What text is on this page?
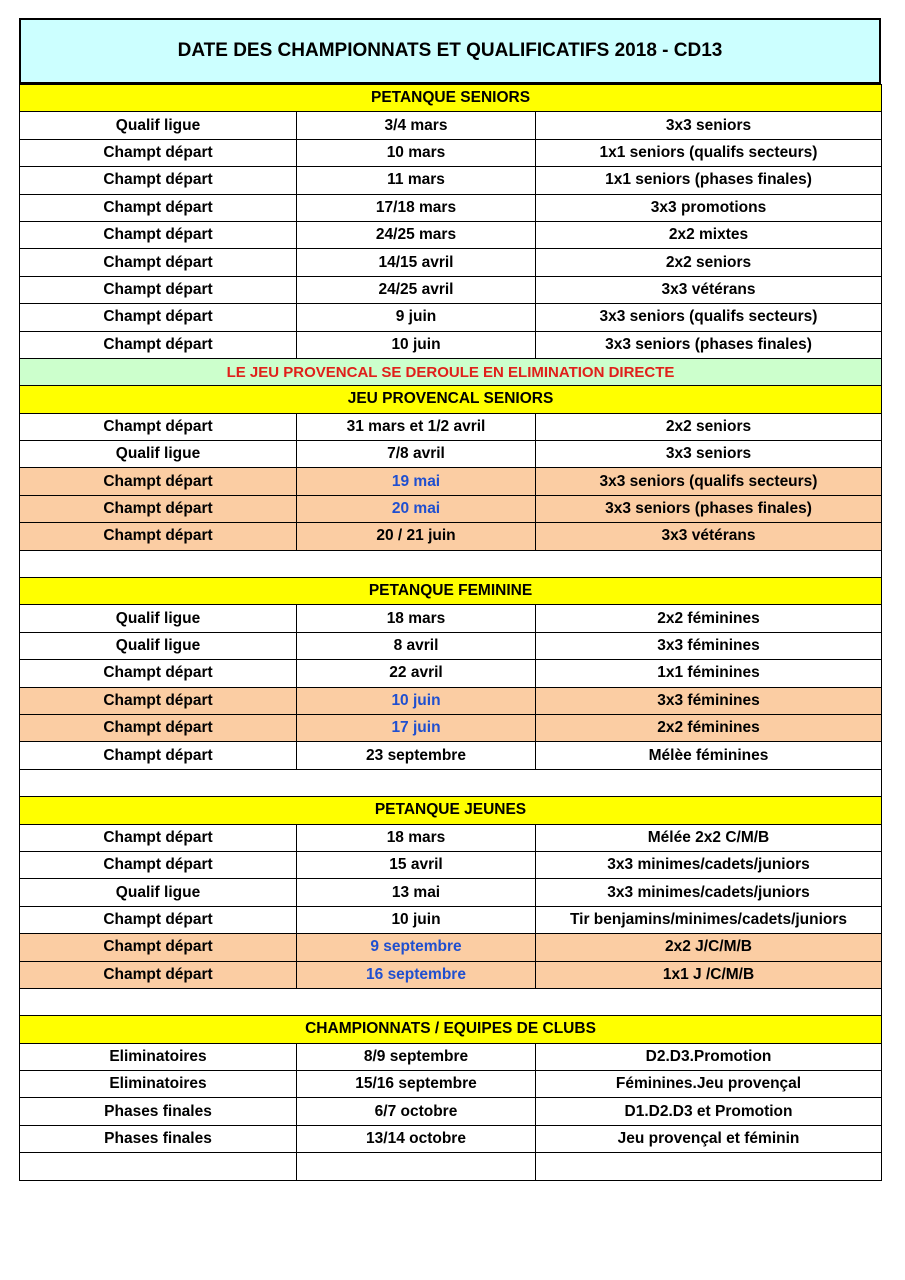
DATE DES CHAMPIONNATS ET QUALIFICATIFS 2018 - CD13
PETANQUE SENIORS		
Qualif ligue	3/4 mars	3x3 seniors
Champt départ	10 mars	1x1 seniors (qualifs secteurs)
Champt départ	11 mars	1x1 seniors (phases finales)
Champt départ	17/18 mars	3x3 promotions
Champt départ	24/25 mars	2x2 mixtes
Champt départ	14/15 avril	2x2 seniors
Champt départ	24/25 avril	3x3 vétérans
Champt départ	9 juin	3x3 seniors (qualifs secteurs)
Champt départ	10 juin	3x3 seniors (phases finales)
LE JEU PROVENCAL SE DEROULE EN ELIMINATION DIRECTE		
JEU PROVENCAL SENIORS		
Champt départ	31 mars et 1/2 avril	2x2 seniors
Qualif ligue	7/8 avril	3x3 seniors
Champt départ	19 mai	3x3 seniors (qualifs secteurs)
Champt départ	20 mai	3x3 seniors (phases finales)
Champt départ	20 / 21 juin	3x3 vétérans

PETANQUE FEMININE		
Qualif ligue	18 mars	2x2 féminines
Qualif ligue	8 avril	3x3 féminines
Champt départ	22 avril	1x1 féminines
Champt départ	10 juin	3x3 féminines
Champt départ	17 juin	2x2 féminines
Champt départ	23 septembre	Mélèe féminines

PETANQUE JEUNES		
Champt départ	18 mars	Mélée 2x2 C/M/B
Champt départ	15 avril	3x3 minimes/cadets/juniors
Qualif ligue	13 mai	3x3 minimes/cadets/juniors
Champt départ	10 juin	Tir benjamins/minimes/cadets/juniors
Champt départ	9 septembre	2x2 J/C/M/B
Champt départ	16 septembre	1x1 J /C/M/B

CHAMPIONNATS / EQUIPES DE CLUBS		
Eliminatoires	8/9 septembre	D2.D3.Promotion
Eliminatoires	15/16 septembre	Féminines.Jeu provençal
Phases finales	6/7 octobre	D1.D2.D3 et Promotion
Phases finales	13/14 octobre	Jeu provençal et féminin
